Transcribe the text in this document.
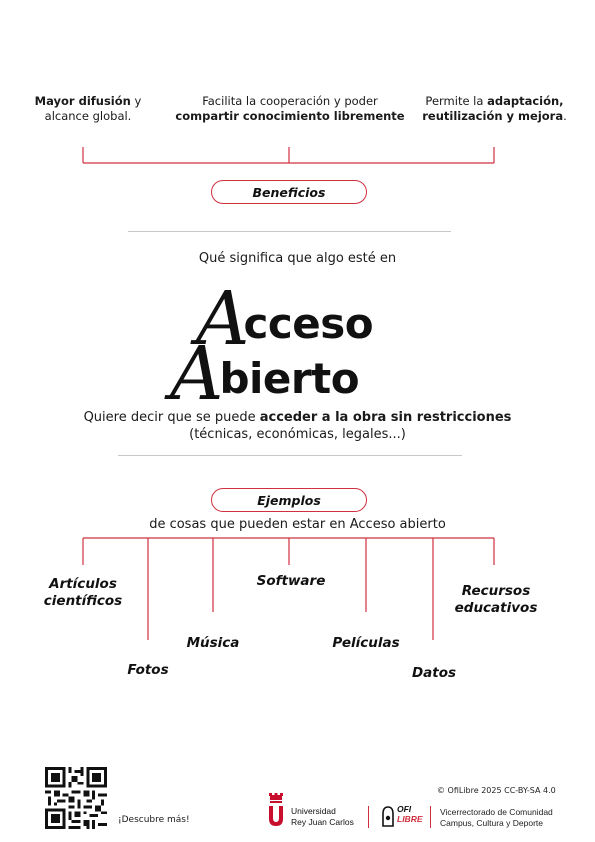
Mayor difusión y
alcance global.
Facilita la cooperación y poder
compartir conocimiento libremente
Permite la adaptación,
reutilización y mejora.
Beneficios
Qué significa que algo esté en
Acceso
Abierto
Quiere decir que se puede acceder a la obra sin restricciones
(técnicas, económicas, legales...)
Ejemplos
de cosas que pueden estar en Acceso abierto
Artículos
científicos
Fotos
Música
Software
Películas
Datos
Recursos
educativos
¡Descubre más!
© OfiLibre 2025 CC-BY-SA 4.0
Universidad
Rey Juan Carlos
OFI
LIBRE
Vicerrectorado de Comunidad
Campus, Cultura y Deporte
